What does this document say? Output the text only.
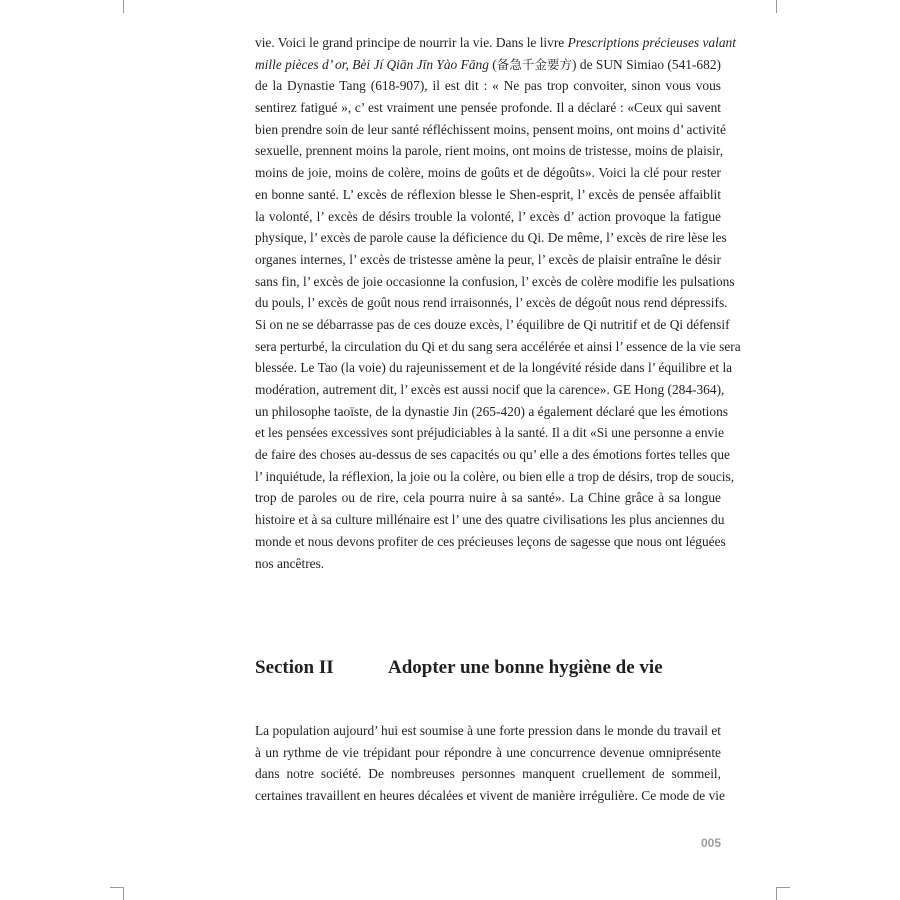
vie. Voici le grand principe de nourrir la vie. Dans le livre Prescriptions précieuses valant
mille pièces d’ or, Bèi Jí Qiān Jīn Yào Fāng (备急千金要方) de SUN Simiao (541-682)
de la Dynastie Tang (618-907), il est dit : « Ne pas trop convoiter, sinon vous vous
sentirez fatigué », c’ est vraiment une pensée profonde. Il a déclaré : «Ceux qui savent
bien prendre soin de leur santé réfléchissent moins, pensent moins, ont moins d’ activité
sexuelle, prennent moins la parole, rient moins, ont moins de tristesse, moins de plaisir,
moins de joie, moins de colère, moins de goûts et de dégoûts». Voici la clé pour rester
en bonne santé. L’ excès de réflexion blesse le Shen-esprit, l’ excès de pensée affaiblit
la volonté, l’ excès de désirs trouble la volonté, l’ excès d’ action provoque la fatigue
physique, l’ excès de parole cause la déficience du Qi. De même, l’ excès de rire lèse les
organes internes, l’ excès de tristesse amène la peur, l’ excès de plaisir entraîne le désir
sans fin, l’ excès de joie occasionne la confusion, l’ excès de colère modifie les pulsations
du pouls, l’ excès de goût nous rend irraisonnés, l’ excès de dégoût nous rend dépressifs.
Si on ne se débarrasse pas de ces douze excès, l’ équilibre de Qi nutritif et de Qi défensif
sera perturbé, la circulation du Qi et du sang sera accélérée et ainsi l’ essence de la vie sera
blessée. Le Tao (la voie) du rajeunissement et de la longévité réside dans l’ équilibre et la
modération, autrement dit, l’ excès est aussi nocif que la carence». GE Hong (284-364),
un philosophe taoïste, de la dynastie Jin (265-420) a également déclaré que les émotions
et les pensées excessives sont préjudiciables à la santé. Il a dit «Si une personne a envie
de faire des choses au-dessus de ses capacités ou qu’ elle a des émotions fortes telles que
l’ inquiétude, la réflexion, la joie ou la colère, ou bien elle a trop de désirs, trop de soucis,
trop de paroles ou de rire, cela pourra nuire à sa santé». La Chine grâce à sa longue
histoire et à sa culture millénaire est l’ une des quatre civilisations les plus anciennes du
monde et nous devons profiter de ces précieuses leçons de sagesse que nous ont léguées
nos ancêtres.
Section II	Adopter une bonne hygiène de vie
La population aujourd’ hui est soumise à une forte pression dans le monde du travail et
à un rythme de vie trépidant pour répondre à une concurrence devenue omniprésente
dans notre société. De nombreuses personnes manquent cruellement de sommeil,
certaines travaillent en heures décalées et vivent de manière irrégulière. Ce mode de vie
005
